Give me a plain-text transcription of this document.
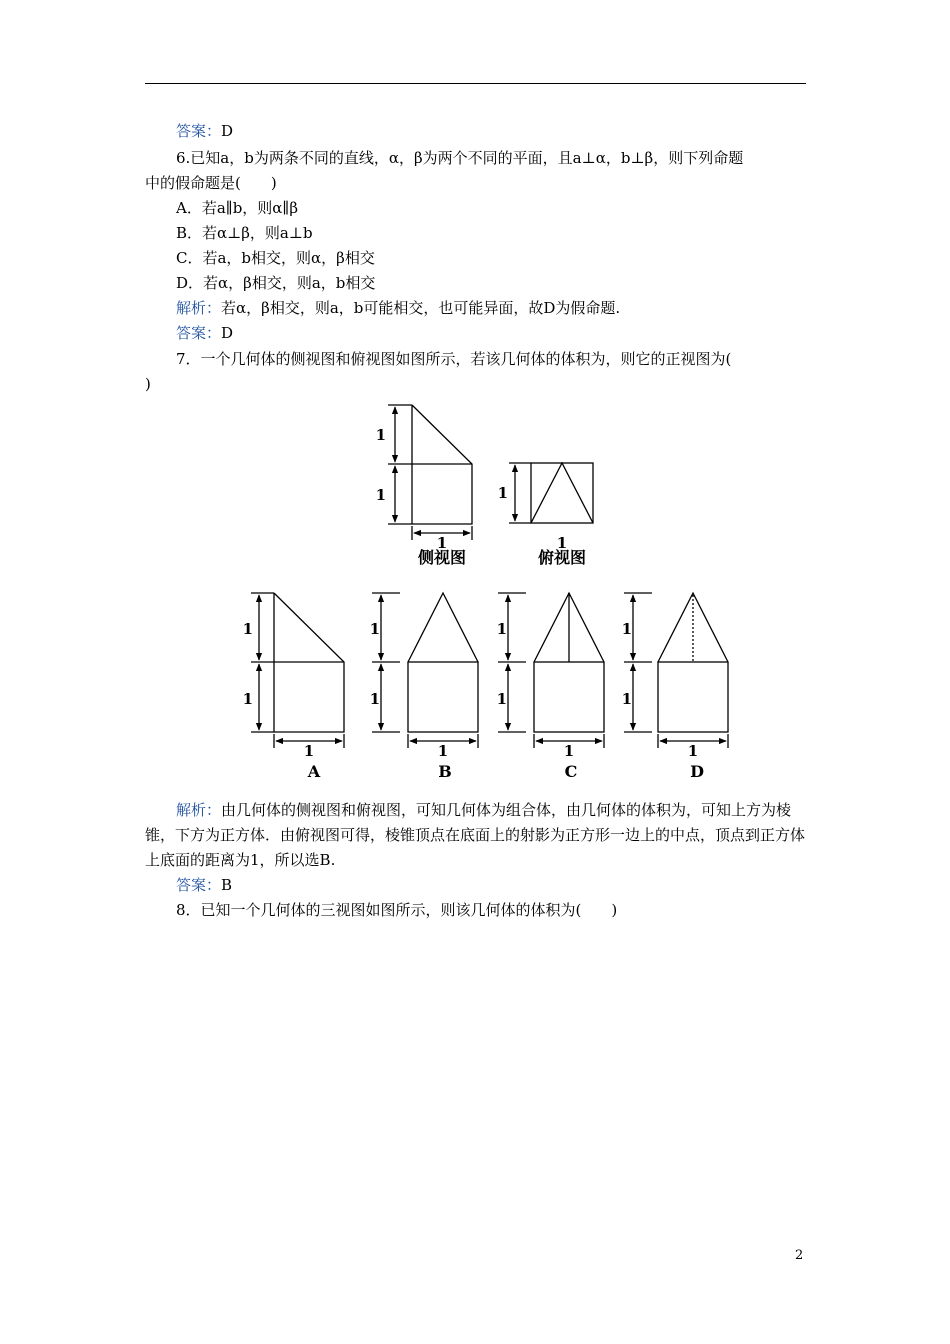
答案：D
6.已知a，b为两条不同的直线，α，β为两个不同的平面，且a⊥α，b⊥β，则下列命题
中的假命题是(　　)
A．若a∥b，则α∥β
B．若α⊥β，则a⊥b
C．若a，b相交，则α，β相交
D．若α，β相交，则a，b相交
解析：若α，β相交，则a，b可能相交，也可能异面，故D为假命题.
答案：D
7．一个几何体的侧视图和俯视图如图所示，若该几何体的体积为，则它的正视图为(
)
1
1
1
侧视图
1
1
俯视图
1
1
1
A
1
1
1
B
1
1
1
C
1
1
1
D
解析：由几何体的侧视图和俯视图，可知几何体为组合体，由几何体的体积为，可知上方为棱锥，下方为正方体．由俯视图可得，棱锥顶点在底面上的射影为正方形一边上的中点，顶点到正方体上底面的距离为1，所以选B.
答案：B
8．已知一个几何体的三视图如图所示，则该几何体的体积为(　　)
2
